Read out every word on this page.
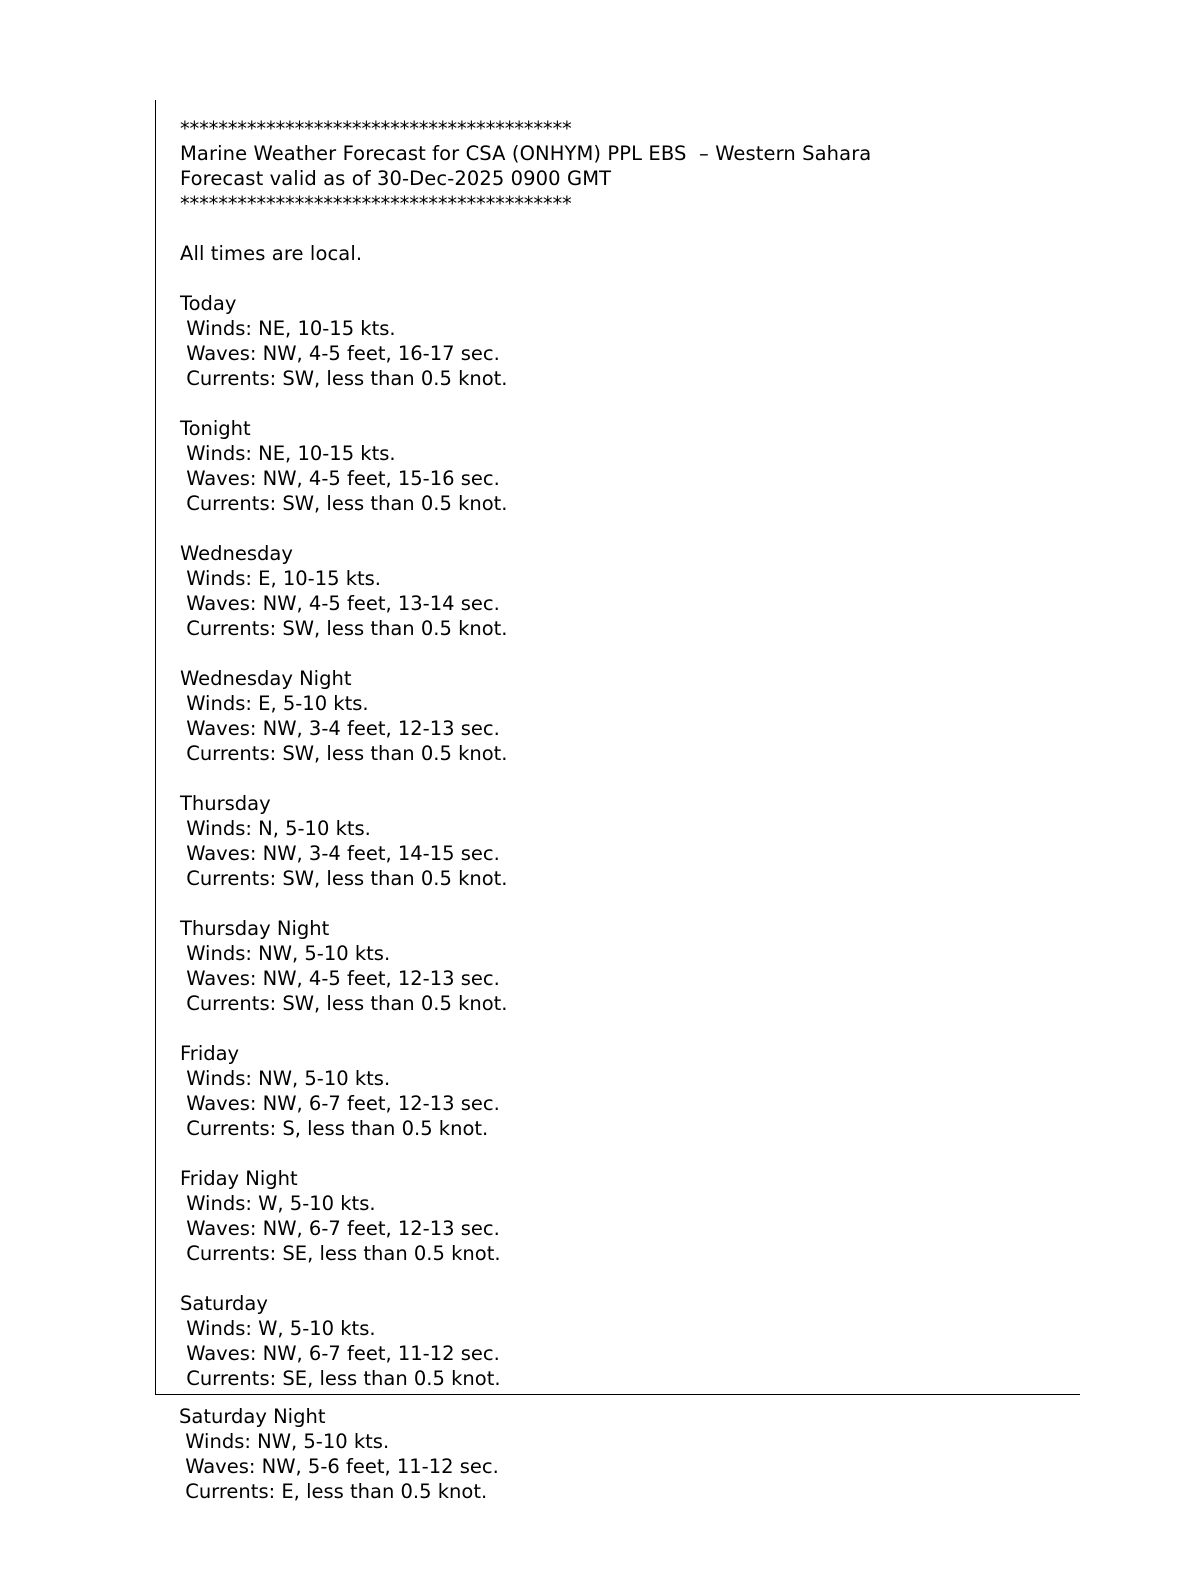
*****************************************
Marine Weather Forecast for CSA (ONHYM) PPL EBS  – Western Sahara
Forecast valid as of 30-Dec-2025 0900 GMT
*****************************************
All times are local.
Today
Winds: NE, 10-15 kts.
Waves: NW, 4-5 feet, 16-17 sec.
Currents: SW, less than 0.5 knot.
Tonight
Winds: NE, 10-15 kts.
Waves: NW, 4-5 feet, 15-16 sec.
Currents: SW, less than 0.5 knot.
Wednesday
Winds: E, 10-15 kts.
Waves: NW, 4-5 feet, 13-14 sec.
Currents: SW, less than 0.5 knot.
Wednesday Night
Winds: E, 5-10 kts.
Waves: NW, 3-4 feet, 12-13 sec.
Currents: SW, less than 0.5 knot.
Thursday
Winds: N, 5-10 kts.
Waves: NW, 3-4 feet, 14-15 sec.
Currents: SW, less than 0.5 knot.
Thursday Night
Winds: NW, 5-10 kts.
Waves: NW, 4-5 feet, 12-13 sec.
Currents: SW, less than 0.5 knot.
Friday
Winds: NW, 5-10 kts.
Waves: NW, 6-7 feet, 12-13 sec.
Currents: S, less than 0.5 knot.
Friday Night
Winds: W, 5-10 kts.
Waves: NW, 6-7 feet, 12-13 sec.
Currents: SE, less than 0.5 knot.
Saturday
Winds: W, 5-10 kts.
Waves: NW, 6-7 feet, 11-12 sec.
Currents: SE, less than 0.5 knot.
Saturday Night
Winds: NW, 5-10 kts.
Waves: NW, 5-6 feet, 11-12 sec.
Currents: E, less than 0.5 knot.
